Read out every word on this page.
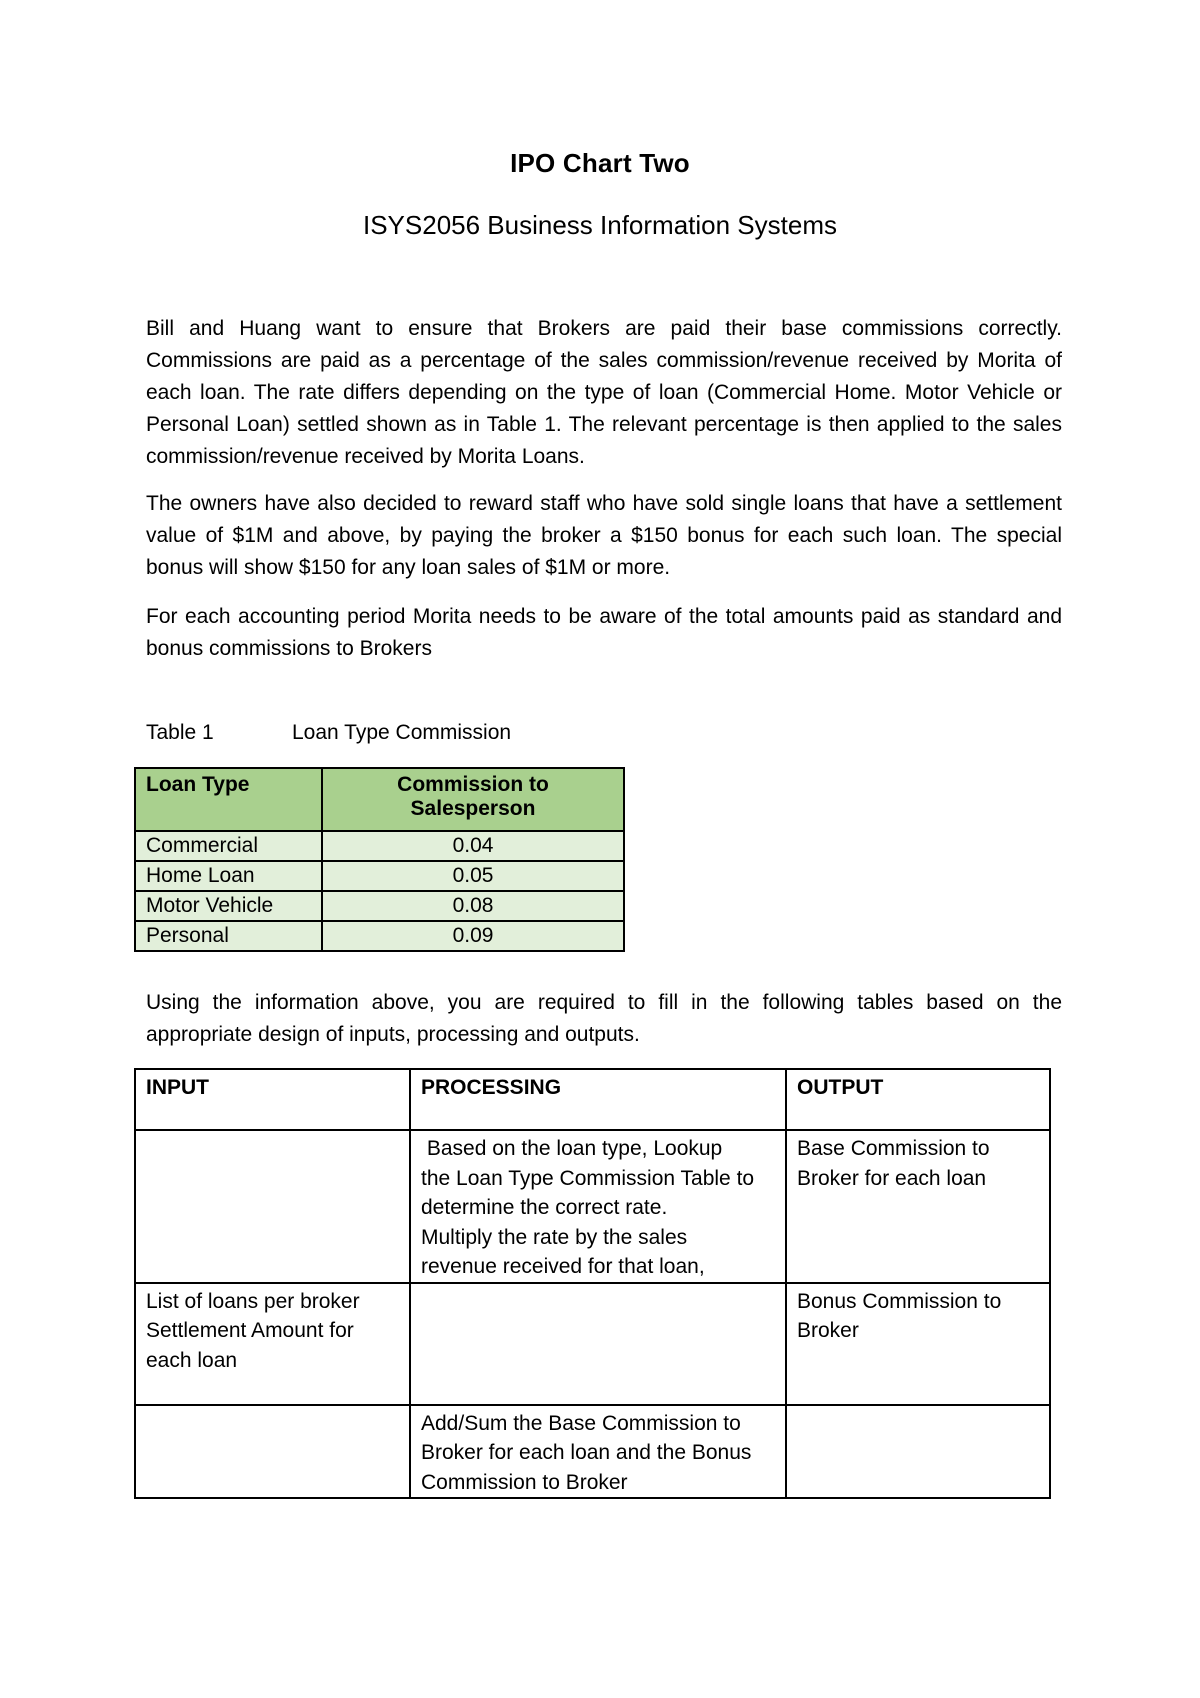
IPO Chart Two
ISYS2056 Business Information Systems

Bill and Huang want to ensure that Brokers are paid their base commissions correctly. Commissions are paid as a percentage of the sales commission/revenue received by Morita of each loan. The rate differs depending on the type of loan (Commercial Home. Motor Vehicle or Personal Loan) settled shown as in Table 1. The relevant percentage is then applied to the sales commission/revenue received by Morita Loans.

The owners have also decided to reward staff who have sold single loans that have a settlement value of $1M and above, by paying the broker a $150 bonus for each such loan. The special bonus will show $150 for any loan sales of $1M or more.

For each accounting period Morita needs to be aware of the total amounts paid as standard and bonus commissions to Brokers

Table 1	Loan Type Commission
Loan Type	Commission to Salesperson
Commercial	0.04
Home Loan	0.05
Motor Vehicle	0.08
Personal	0.09

Using the information above, you are required to fill in the following tables based on the appropriate design of inputs, processing and outputs.

INPUT	PROCESSING	OUTPUT

	Based on the loan type, Lookup
the Loan Type Commission Table to
determine the correct rate.
Multiply the rate by the sales
revenue received for that loan,	Base Commission to
Broker for each loan

List of loans per broker
Settlement Amount for
each loan		Bonus Commission to
Broker

	Add/Sum the Base Commission to
Broker for each loan and the Bonus
Commission to Broker	
